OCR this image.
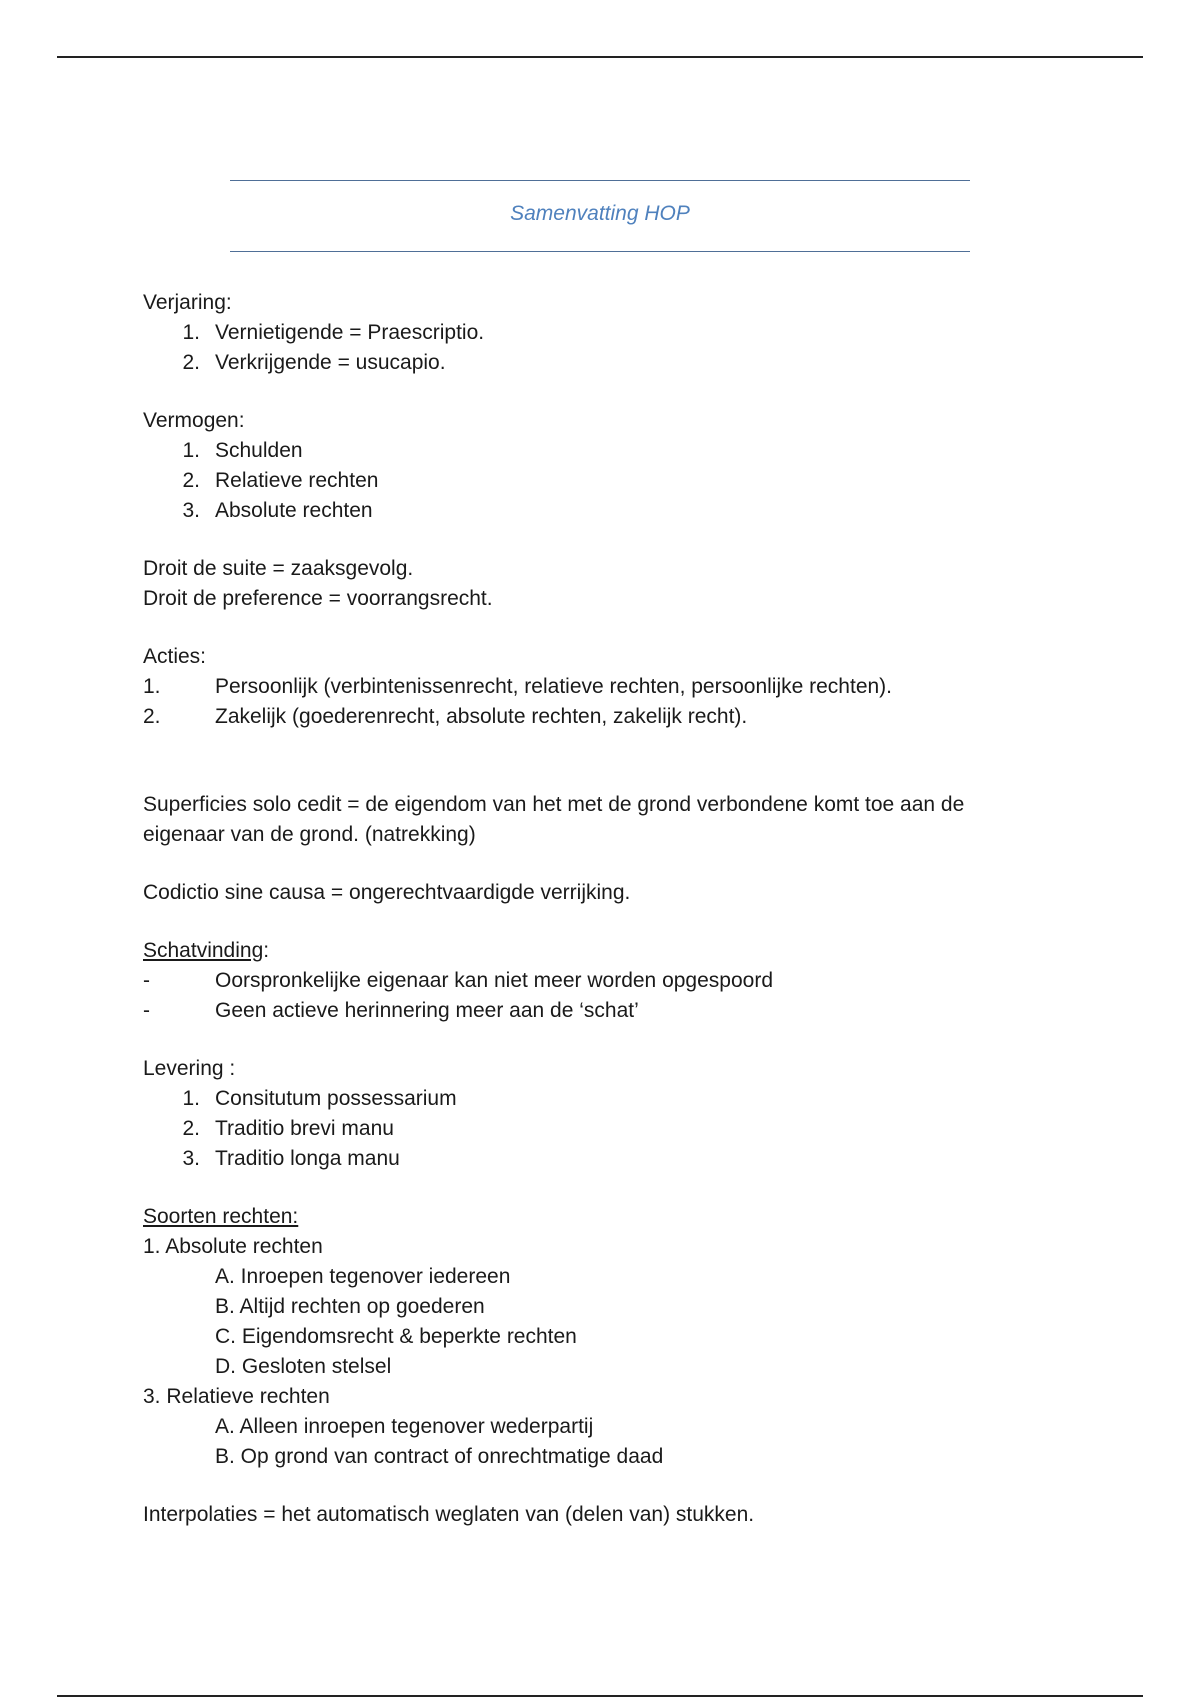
Samenvatting HOP

Verjaring:

1. Vernietigende = Praescriptio.
2. Verkrijgende = usucapio.

Vermogen:

1. Schulden
2. Relatieve rechten
3. Absolute rechten

Droit de suite = zaaksgevolg.

Droit de preference = voorrangsrecht.

Acties:

1.	Persoonlijk (verbintenissenrecht, relatieve rechten, persoonlijke rechten).
2.	Zakelijk (goederenrecht, absolute rechten, zakelijk recht).

Superficies solo cedit = de eigendom van het met de grond verbondene komt toe aan de eigenaar van de grond. (natrekking)

Codictio sine causa = ongerechtvaardigde verrijking.

Schatvinding:

-	Oorspronkelijke eigenaar kan niet meer worden opgespoord
-	Geen actieve herinnering meer aan de ‘schat’

Levering :

1. Consitutum possessarium
2. Traditio brevi manu
3. Traditio longa manu

Soorten rechten:

1. Absolute rechten

A. Inroepen tegenover iedereen

B. Altijd rechten op goederen

C. Eigendomsrecht & beperkte rechten

D. Gesloten stelsel

3. Relatieve rechten

A. Alleen inroepen tegenover wederpartij

B. Op grond van contract of onrechtmatige daad

Interpolaties = het automatisch weglaten van (delen van) stukken.
